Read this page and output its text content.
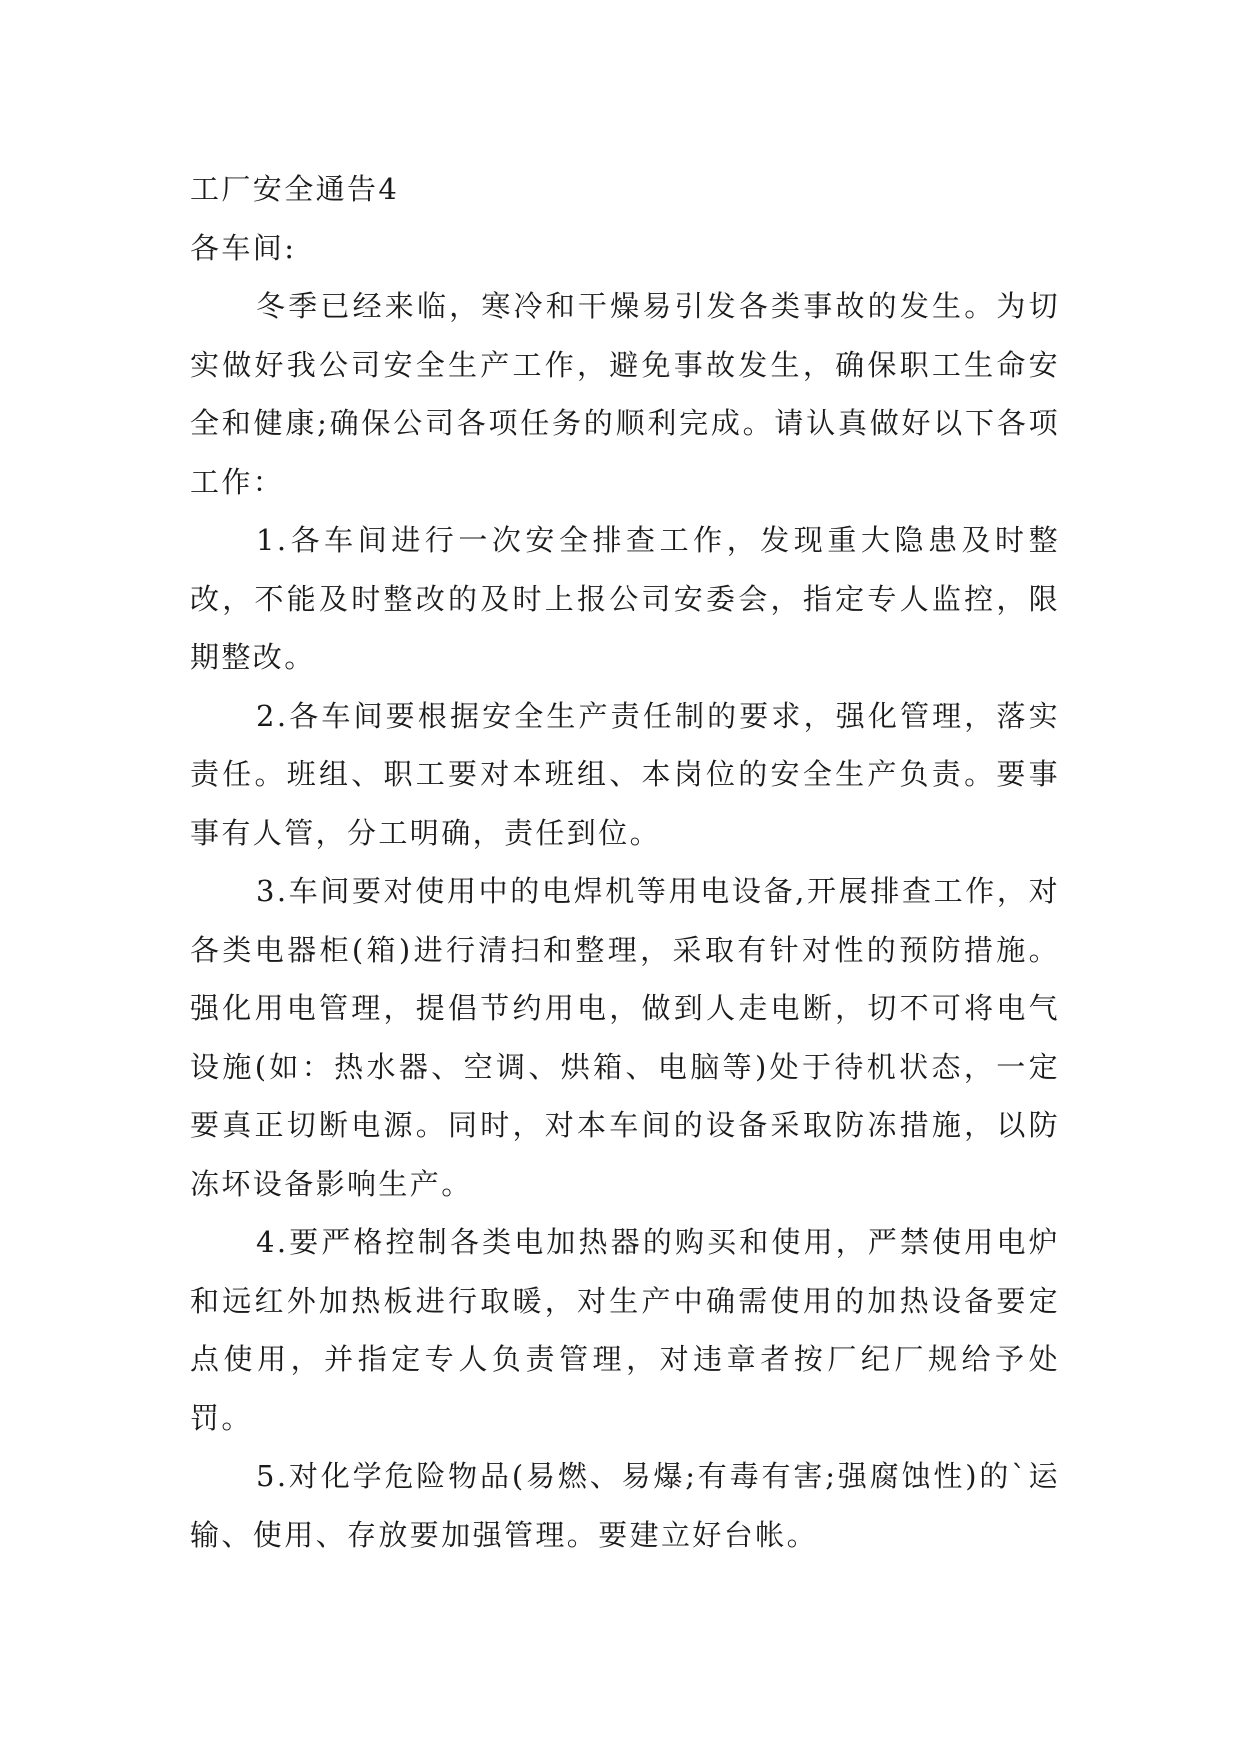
工厂安全通告4
各车间:

冬季已经来临，寒冷和干燥易引发各类事故的发生。为切实做好我公司安全生产工作，避免事故发生，确保职工生命安全和健康;确保公司各项任务的顺利完成。请认真做好以下各项工作：

1.各车间进行一次安全排查工作，发现重大隐患及时整改，不能及时整改的及时上报公司安委会，指定专人监控，限期整改。

2.各车间要根据安全生产责任制的要求，强化管理，落实责任。班组、职工要对本班组、本岗位的安全生产负责。要事事有人管，分工明确，责任到位。

3.车间要对使用中的电焊机等用电设备,开展排查工作，对各类电器柜(箱)进行清扫和整理，采取有针对性的预防措施。强化用电管理，提倡节约用电，做到人走电断，切不可将电气设施(如：热水器、空调、烘箱、电脑等)处于待机状态，一定要真正切断电源。同时，对本车间的设备采取防冻措施，以防冻坏设备影响生产。

4.要严格控制各类电加热器的购买和使用，严禁使用电炉和远红外加热板进行取暖，对生产中确需使用的加热设备要定点使用，并指定专人负责管理，对违章者按厂纪厂规给予处罚。

5.对化学危险物品(易燃、易爆;有毒有害;强腐蚀性)的`运输、使用、存放要加强管理。要建立好台帐。
